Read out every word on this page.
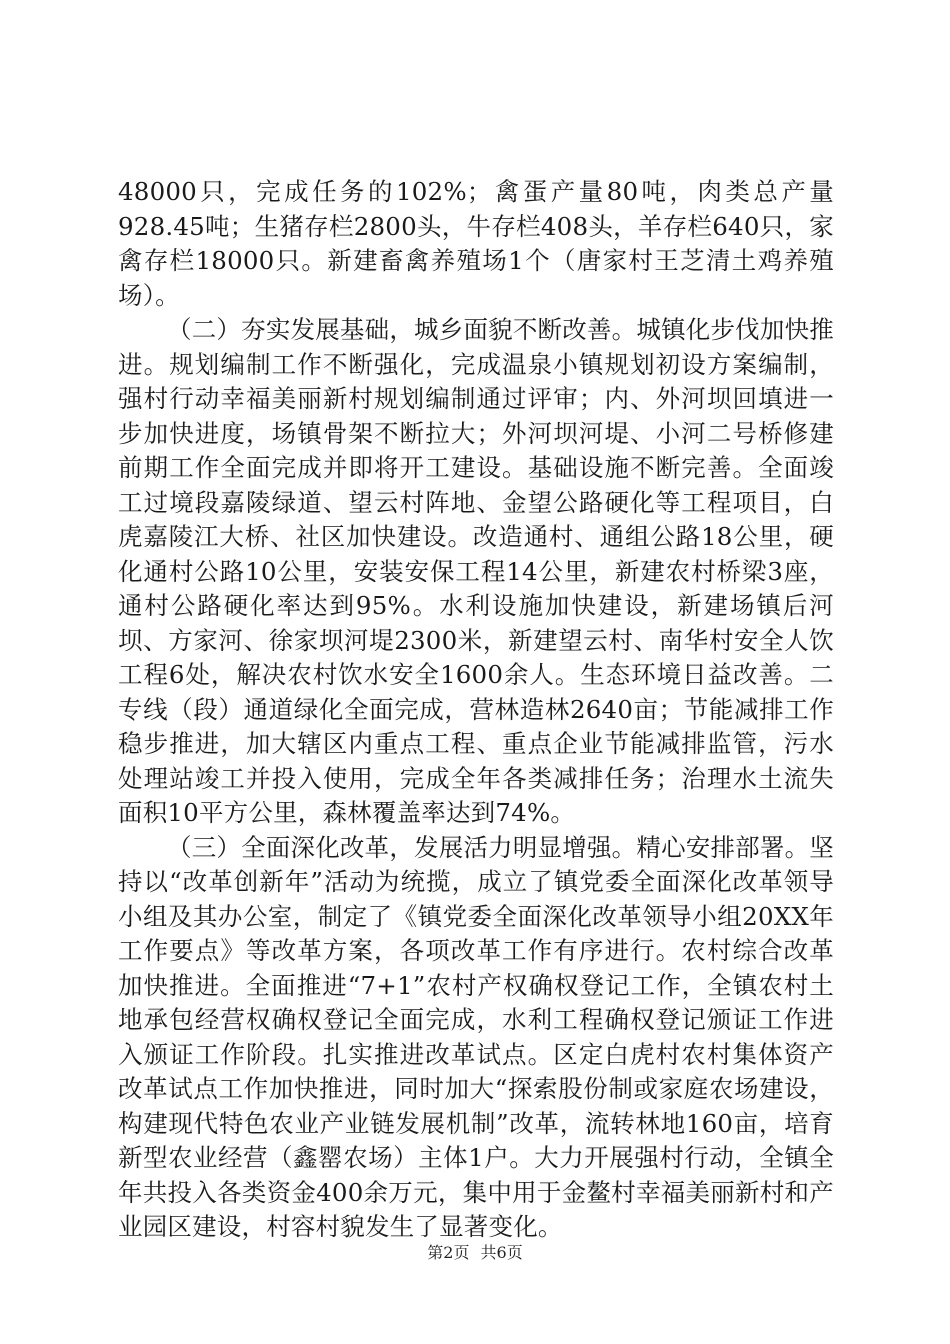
48000只，完成任务的102%；禽蛋产量80吨，肉类总产量928.45吨；生猪存栏2800头，牛存栏408头，羊存栏640只，家禽存栏18000只。新建畜禽养殖场1个（唐家村王芝清土鸡养殖场）。

（二）夯实发展基础，城乡面貌不断改善。城镇化步伐加快推进。规划编制工作不断强化，完成温泉小镇规划初设方案编制，强村行动幸福美丽新村规划编制通过评审；内、外河坝回填进一步加快进度，场镇骨架不断拉大；外河坝河堤、小河二号桥修建前期工作全面完成并即将开工建设。基础设施不断完善。全面竣工过境段嘉陵绿道、望云村阵地、金望公路硬化等工程项目，白虎嘉陵江大桥、社区加快建设。改造通村、通组公路18公里，硬化通村公路10公里，安装安保工程14公里，新建农村桥梁3座，通村公路硬化率达到95%。水利设施加快建设，新建场镇后河坝、方家河、徐家坝河堤2300米，新建望云村、南华村安全人饮工程6处，解决农村饮水安全1600余人。生态环境日益改善。二专线（段）通道绿化全面完成，营林造林2640亩；节能减排工作稳步推进，加大辖区内重点工程、重点企业节能减排监管，污水处理站竣工并投入使用，完成全年各类减排任务；治理水土流失面积10平方公里，森林覆盖率达到74%。

（三）全面深化改革，发展活力明显增强。精心安排部署。坚持以“改革创新年”活动为统揽，成立了镇党委全面深化改革领导小组及其办公室，制定了《镇党委全面深化改革领导小组20XX年工作要点》等改革方案，各项改革工作有序进行。农村综合改革加快推进。全面推进“7+1”农村产权确权登记工作，全镇农村土地承包经营权确权登记全面完成，水利工程确权登记颁证工作进入颁证工作阶段。扎实推进改革试点。区定白虎村农村集体资产改革试点工作加快推进，同时加大“探索股份制或家庭农场建设，构建现代特色农业产业链发展机制”改革，流转林地160亩，培育新型农业经营（鑫罂农场）主体1户。大力开展强村行动，全镇全年共投入各类资金400余万元，集中用于金鳌村幸福美丽新村和产业园区建设，村容村貌发生了显著变化。

第2页 共6页
